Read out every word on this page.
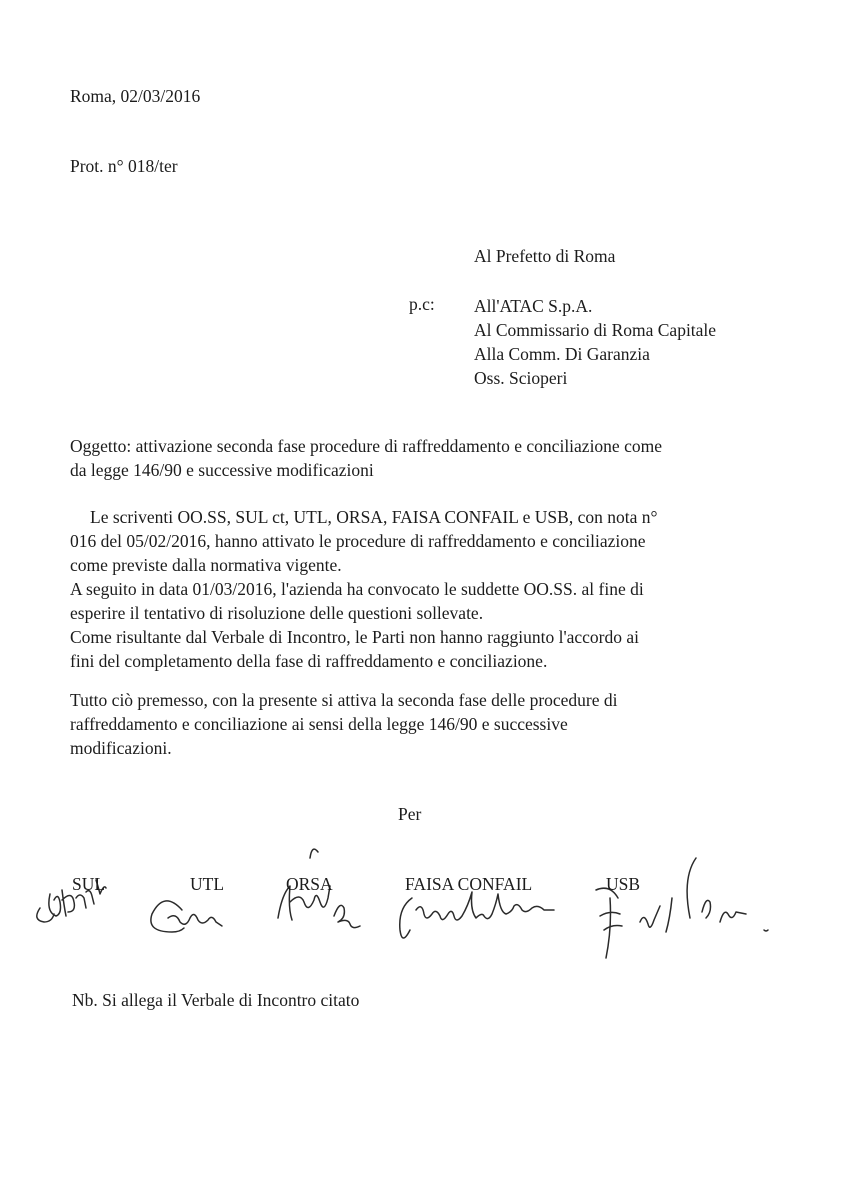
Roma, 02/03/2016
Prot. n° 018/ter
Al Prefetto di Roma
p.c: All'ATAC S.p.A.
Al Commissario di Roma Capitale
Alla Comm. Di Garanzia
Oss. Scioperi
Oggetto: attivazione seconda fase procedure di raffreddamento e conciliazione come
da legge 146/90 e successive modificazioni
Le scriventi OO.SS, SUL ct, UTL, ORSA, FAISA CONFAIL e USB, con nota n°
016 del 05/02/2016, hanno attivato le procedure di raffreddamento e conciliazione
come previste dalla normativa vigente.
A seguito in data 01/03/2016, l'azienda ha convocato le suddette OO.SS. al fine di
esperire il tentativo di risoluzione delle questioni sollevate.
Come risultante dal Verbale di Incontro, le Parti non hanno raggiunto l'accordo ai
fini del completamento della fase di raffreddamento e conciliazione.
Tutto ciò premesso, con la presente si attiva la seconda fase delle procedure di
raffreddamento e conciliazione ai sensi della legge 146/90 e successive
modificazioni.
Per
SUL	UTL	ORSA	FAISA CONFAIL	USB
Nb. Si allega il Verbale di Incontro citato
